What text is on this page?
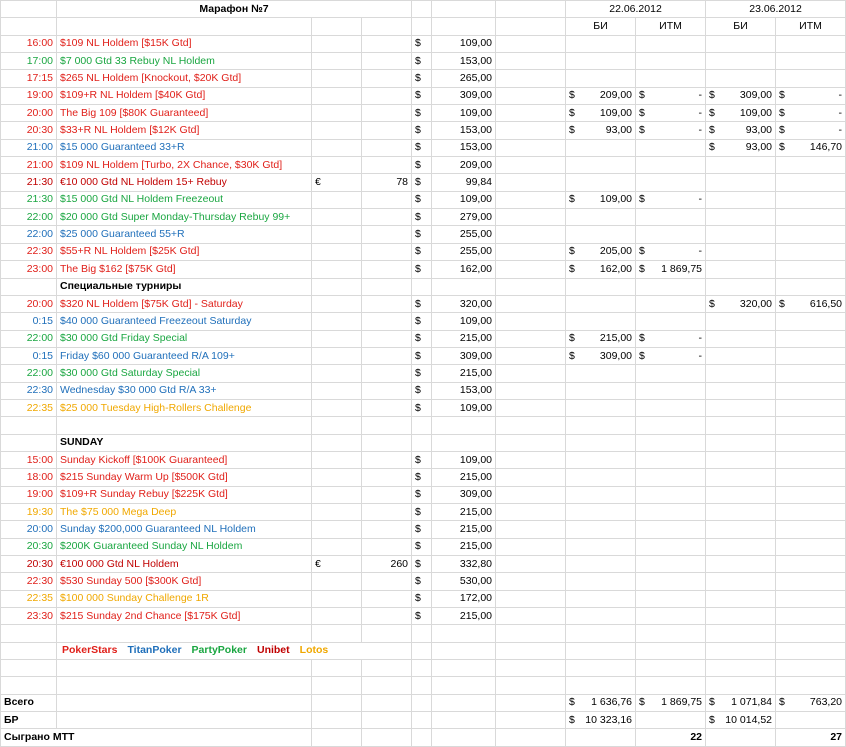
	Марафон №7						22.06.2012		23.06.2012	
							БИ	ИТМ	БИ	ИТМ
16:00	$109 NL Holdem [$15K Gtd]			$	109,00					
17:00	$7 000 Gtd 33 Rebuy NL Holdem			$	153,00					
17:15	$265 NL Holdem [Knockout, $20K Gtd]			$	265,00					
19:00	$109+R NL Holdem [$40K Gtd]			$	309,00		$ 209,00	$ -	$ 309,00	$ -
20:00	The Big 109 [$80K Guaranteed]			$	109,00		$ 109,00	$ -	$ 109,00	$ -
20:30	$33+R NL Holdem [$12K Gtd]			$	153,00		$ 93,00	$ -	$ 93,00	$ -
21:00	$15 000 Guaranteed 33+R			$	153,00				$ 93,00	$ 146,70
21:00	$109 NL Holdem [Turbo, 2X Chance, $30K Gtd]			$	209,00					
21:30	€10 000 Gtd NL Holdem 15+ Rebuy	€	78	$	99,84					
21:30	$15 000 Gtd NL Holdem Freezeout			$	109,00		$ 109,00	$ -		
22:00	$20 000 Gtd Super Monday-Thursday Rebuy 99+			$	279,00					
22:00	$25 000 Guaranteed 55+R			$	255,00					
22:30	$55+R NL Holdem [$25K Gtd]			$	255,00		$ 205,00	$ -		
23:00	The Big $162 [$75K Gtd]			$	162,00		$ 162,00	$ 1 869,75		
	Специальные турниры									
20:00	$320 NL Holdem [$75K Gtd] - Saturday			$	320,00				$ 320,00	$ 616,50
0:15	$40 000 Guaranteed Freezeout Saturday			$	109,00					
22:00	$30 000 Gtd Friday Special			$	215,00		$ 215,00	$ -		
0:15	Friday $60 000 Guaranteed R/A 109+			$	309,00		$ 309,00	$ -		
22:00	$30 000 Gtd Saturday Special			$	215,00					
22:30	Wednesday $30 000 Gtd R/A 33+			$	153,00					
22:35	$25 000 Tuesday High-Rollers Challenge			$	109,00					

	SUNDAY									
15:00	Sunday Kickoff [$100K Guaranteed]			$	109,00					
18:00	$215 Sunday Warm Up [$500K Gtd]			$	215,00					
19:00	$109+R Sunday Rebuy [$225K Gtd]			$	309,00					
19:30	The $75 000 Mega Deep			$	215,00					
20:00	Sunday $200,000 Guaranteed NL Holdem			$	215,00					
20:30	$200K Guaranteed Sunday NL Holdem			$	215,00					
20:30	€100 000 Gtd NL Holdem	€	260	$	332,80					
22:30	$530 Sunday 500 [$300K Gtd]			$	530,00					
22:35	$100 000 Sunday Challenge 1R			$	172,00					
23:30	$215 Sunday 2nd Chance [$175K Gtd]			$	215,00					

	PokerStars TitanPoker PartyPoker Unibet Lotos									

Всего							$ 1 636,76	$ 1 869,75	$ 1 071,84	$ 763,20
БР							$ 10 323,16		$ 10 014,52	
Сыграно МТТ								22		27
